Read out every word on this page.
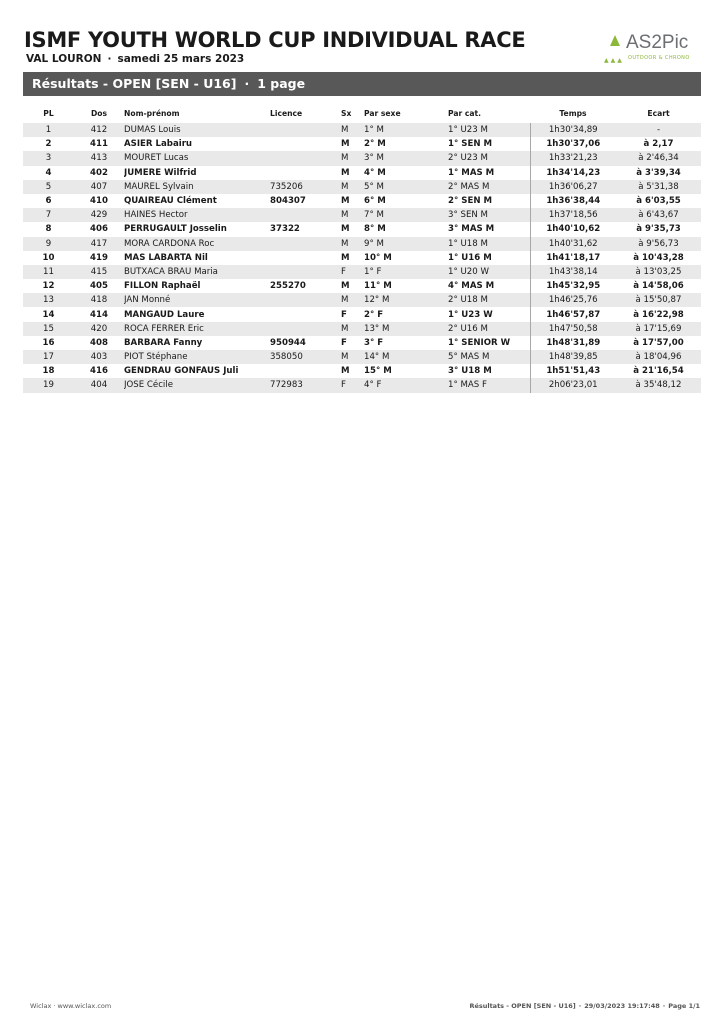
ISMF YOUTH WORLD CUP INDIVIDUAL RACE
VAL LOURON · samedi 25 mars 2023
AS2Pic
▲▲▲ OUTDOOR & CHRONO
Résultats - OPEN [SEN - U16] · 1 page
PL	Dos	Nom-prénom	Licence	Sx	Par sexe	Par cat.	Temps	Ecart
1	412	DUMAS Louis		M	1° M	1° U23 M	1h30'34,89	-
2	411	ASIER Labairu		M	2° M	1° SEN M	1h30'37,06	à 2,17
3	413	MOURET Lucas		M	3° M	2° U23 M	1h33'21,23	à 2'46,34
4	402	JUMERE Wilfrid		M	4° M	1° MAS M	1h34'14,23	à 3'39,34
5	407	MAUREL Sylvain	735206	M	5° M	2° MAS M	1h36'06,27	à 5'31,38
6	410	QUAIREAU Clément	804307	M	6° M	2° SEN M	1h36'38,44	à 6'03,55
7	429	HAINES Hector		M	7° M	3° SEN M	1h37'18,56	à 6'43,67
8	406	PERRUGAULT Josselin	37322	M	8° M	3° MAS M	1h40'10,62	à 9'35,73
9	417	MORA CARDONA Roc		M	9° M	1° U18 M	1h40'31,62	à 9'56,73
10	419	MAS LABARTA Nil		M	10° M	1° U16 M	1h41'18,17	à 10'43,28
11	415	BUTXACA BRAU Maria		F	1° F	1° U20 W	1h43'38,14	à 13'03,25
12	405	FILLON Raphaël	255270	M	11° M	4° MAS M	1h45'32,95	à 14'58,06
13	418	JAN Monné		M	12° M	2° U18 M	1h46'25,76	à 15'50,87
14	414	MANGAUD Laure		F	2° F	1° U23 W	1h46'57,87	à 16'22,98
15	420	ROCA FERRER Eric		M	13° M	2° U16 M	1h47'50,58	à 17'15,69
16	408	BARBARA Fanny	950944	F	3° F	1° SENIOR W	1h48'31,89	à 17'57,00
17	403	PIOT Stéphane	358050	M	14° M	5° MAS M	1h48'39,85	à 18'04,96
18	416	GENDRAU GONFAUS Juli		M	15° M	3° U18 M	1h51'51,43	à 21'16,54
19	404	JOSE Cécile	772983	F	4° F	1° MAS F	2h06'23,01	à 35'48,12
Wiclax · www.wiclax.com	Résultats - OPEN [SEN - U16] · 29/03/2023 19:17:48 · Page 1/1
